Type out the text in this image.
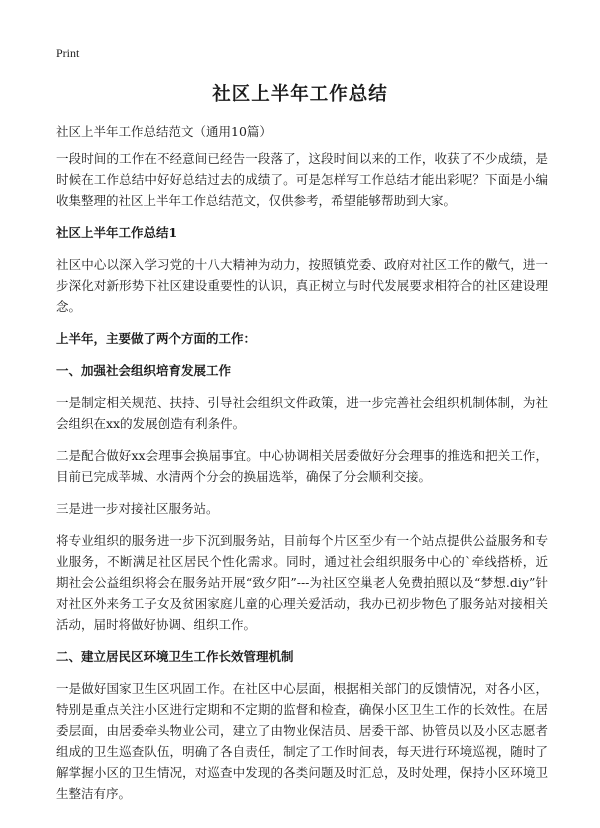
Print
社区上半年工作总结

社区上半年工作总结范文（通用10篇）

一段时间的工作在不经意间已经告一段落了，这段时间以来的工作，收获了不少成绩，是时候在工作总结中好好总结过去的成绩了。可是怎样写工作总结才能出彩呢？下面是小编收集整理的社区上半年工作总结范文，仅供参考，希望能够帮助到大家。

社区上半年工作总结1

社区中心以深入学习党的十八大精神为动力，按照镇党委、政府对社区工作的儆气，进一步深化对新形势下社区建设重要性的认识，真正树立与时代发展要求相符合的社区建设理念。

上半年，主要做了两个方面的工作：
一、加强社会组织培育发展工作

一是制定相关规范、扶持、引导社会组织文件政策，进一步完善社会组织机制体制，为社会组织在xx的发展创造有利条件。

二是配合做好xx会理事会换届事宜。中心协调相关居委做好分会理事的推选和把关工作，目前已完成莘城、水清两个分会的换届选举，确保了分会顺利交接。

三是进一步对接社区服务站。

将专业组织的服务进一步下沉到服务站，目前每个片区至少有一个站点提供公益服务和专业服务，不断满足社区居民个性化需求。同时，通过社会组织服务中心的`牵线搭桥，近期社会公益组织将会在服务站开展“致夕阳”---为社区空巢老人免费拍照以及“梦想.diy”针对社区外来务工子女及贫困家庭儿童的心理关爱活动，我办已初步物色了服务站对接相关活动，届时将做好协调、组织工作。

二、建立居民区环境卫生工作长效管理机制

一是做好国家卫生区巩固工作。在社区中心层面，根据相关部门的反馈情况，对各小区，特别是重点关注小区进行定期和不定期的监督和检查，确保小区卫生工作的长效性。在居委层面，由居委牵头物业公司，建立了由物业保洁员、居委干部、协管员以及小区志愿者组成的卫生巡查队伍，明确了各自责任，制定了工作时间表，每天进行环境巡视，随时了解掌握小区的卫生情况，对巡查中发现的各类问题及时汇总，及时处理，保持小区环境卫生整洁有序。
